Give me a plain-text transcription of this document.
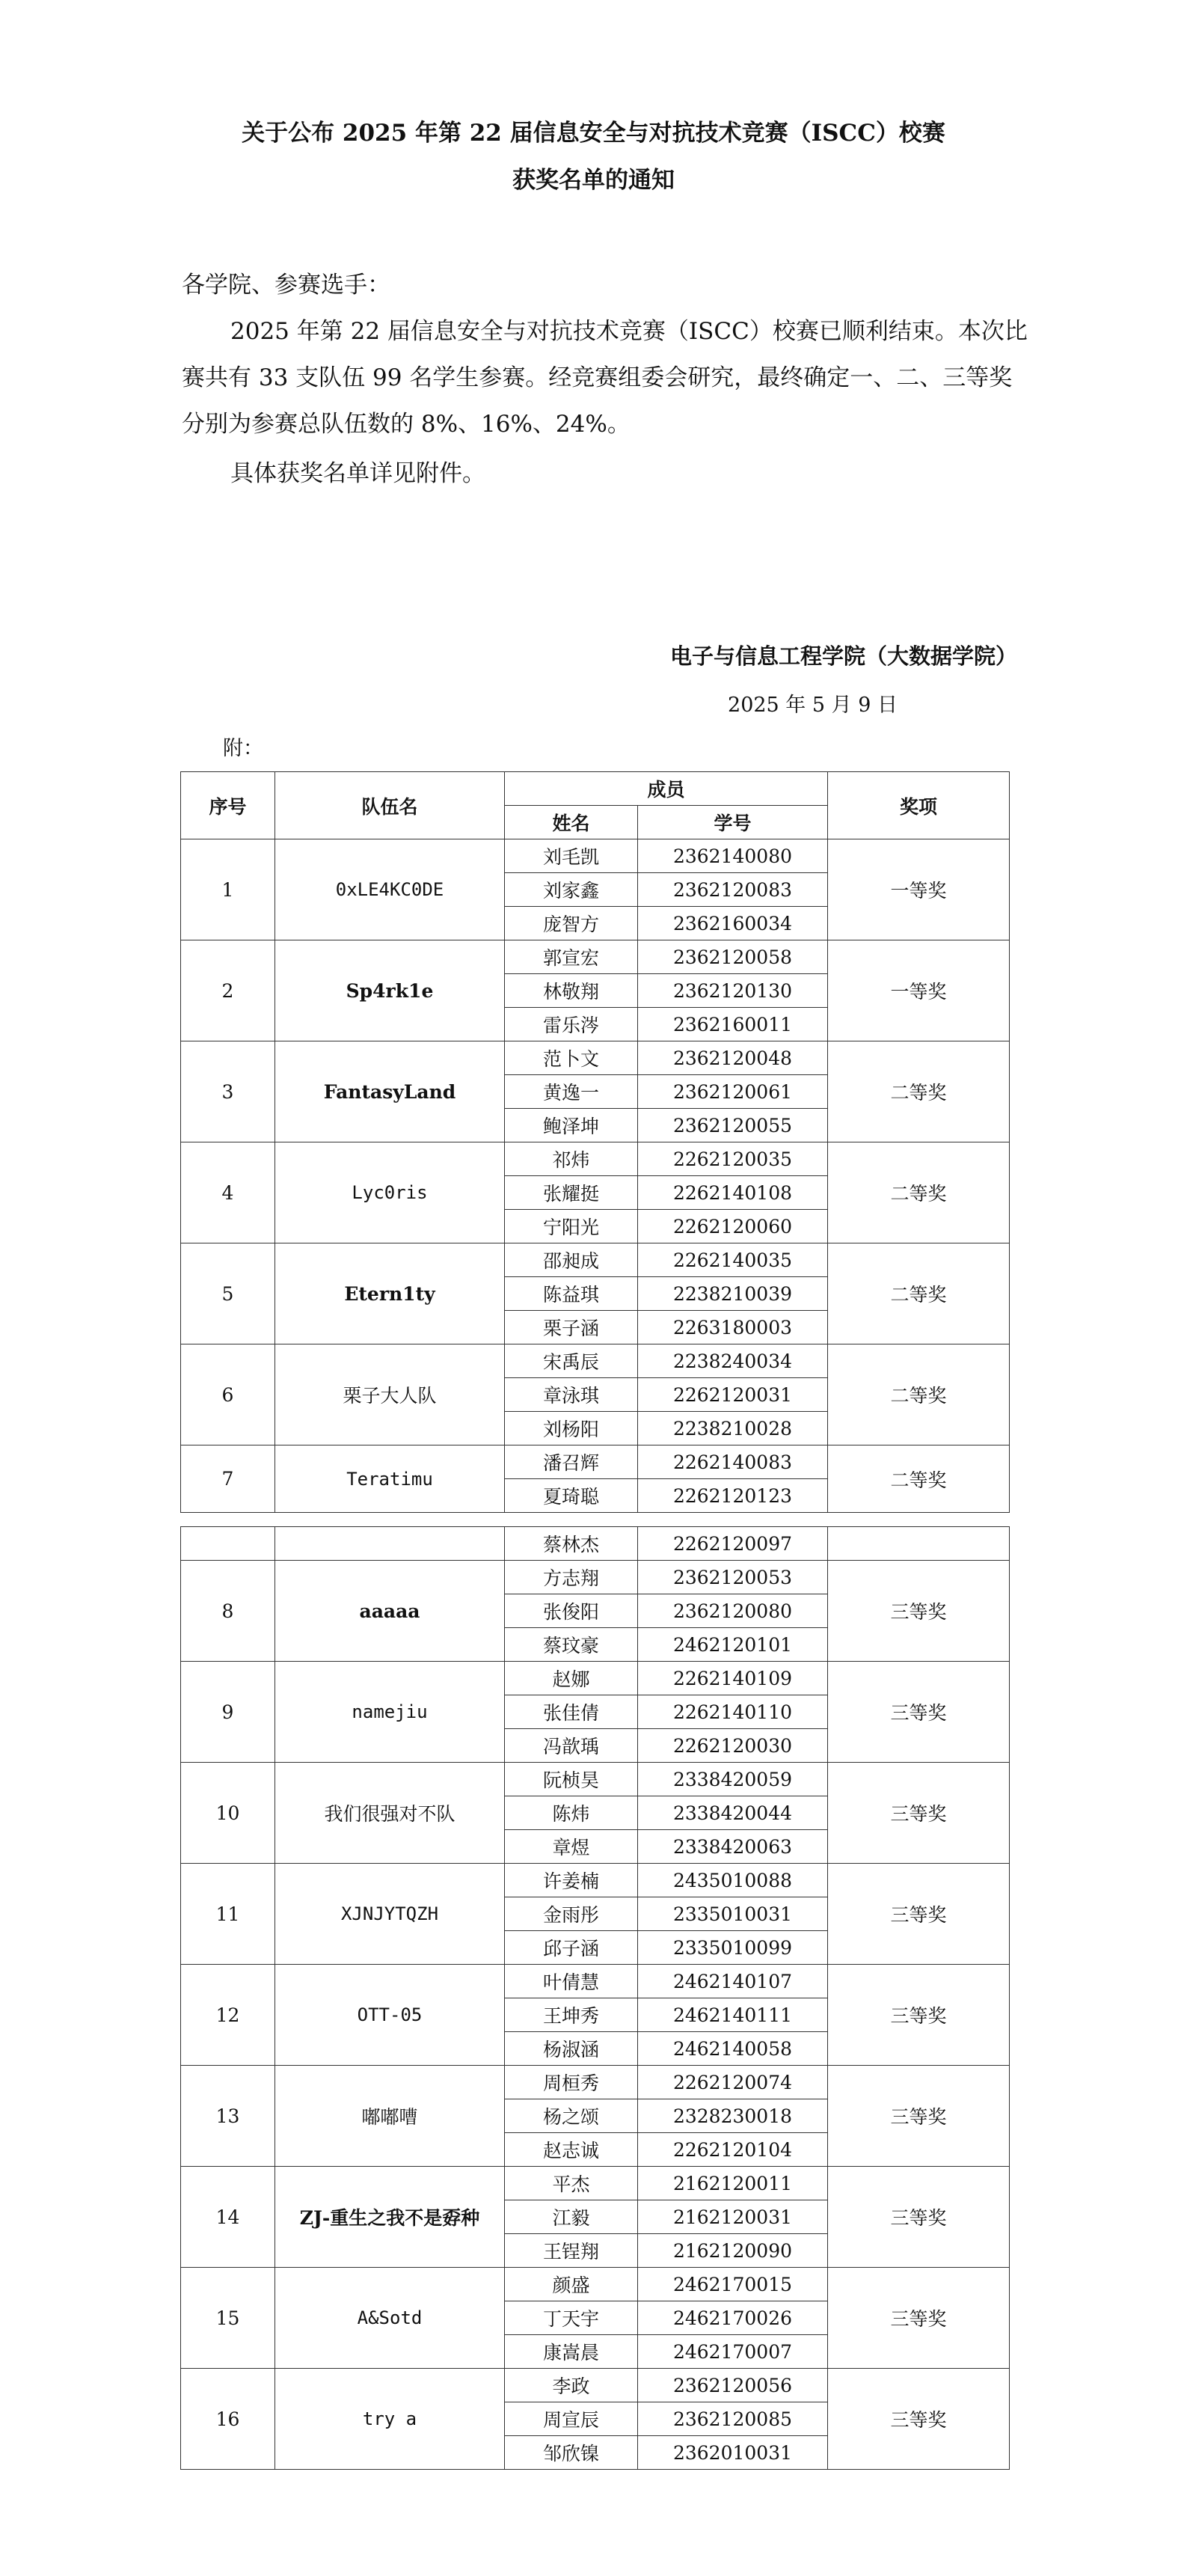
关于公布 2025 年第 22 届信息安全与对抗技术竞赛（ISCC）校赛
获奖名单的通知
各学院、参赛选手：
2025 年第 22 届信息安全与对抗技术竞赛（ISCC）校赛已顺利结束。本次比
赛共有 33 支队伍 99 名学生参赛。经竞赛组委会研究，最终确定一、二、三等奖
分别为参赛总队伍数的 8%、16%、24%。
具体获奖名单详见附件。
电子与信息工程学院（大数据学院）
2025 年 5 月 9 日
附：
序号	队伍名	成员		奖项
		姓名	学号	
1	0xLE4KC0DE	刘毛凯	2362140080	一等奖
		刘家鑫	2362120083	
		庞智方	2362160034	
2	Sp4rk1e	郭宣宏	2362120058	一等奖
		林敬翔	2362120130	
		雷乐涔	2362160011	
3	FantasyLand	范卜文	2362120048	二等奖
		黄逸一	2362120061	
		鲍泽坤	2362120055	
4	Lyc0ris	祁炜	2262120035	二等奖
		张耀挺	2262140108	
		宁阳光	2262120060	
5	Etern1ty	邵昶成	2262140035	二等奖
		陈益琪	2238210039	
		栗子涵	2263180003	
6	栗子大人队	宋禹辰	2238240034	二等奖
		章泳琪	2262120031	
		刘杨阳	2238210028	
7	Teratimu	潘召辉	2262140083	二等奖
		夏琦聪	2262120123	
		蔡林杰	2262120097	
8	aaaaa	方志翔	2362120053	三等奖
		张俊阳	2362120080	
		蔡玟豪	2462120101	
9	namejiu	赵娜	2262140109	三等奖
		张佳倩	2262140110	
		冯歆瑀	2262120030	
10	我们很强对不队	阮桢昊	2338420059	三等奖
		陈炜	2338420044	
		章煜	2338420063	
11	XJNJYTQZH	许姜楠	2435010088	三等奖
		金雨彤	2335010031	
		邱子涵	2335010099	
12	OTT-05	叶倩慧	2462140107	三等奖
		王坤秀	2462140111	
		杨淑涵	2462140058	
13	嘟嘟嘈	周桓秀	2262120074	三等奖
		杨之颂	2328230018	
		赵志诚	2262120104	
14	ZJ-重生之我不是孬种	平杰	2162120011	三等奖
		江毅	2162120031	
		王锃翔	2162120090	
15	A&Sotd	颜盛	2462170015	三等奖
		丁天宇	2462170026	
		康嵩晨	2462170007	
16	try a	李政	2362120056	三等奖
		周宣辰	2362120085	
		邹欣镍	2362010031	
